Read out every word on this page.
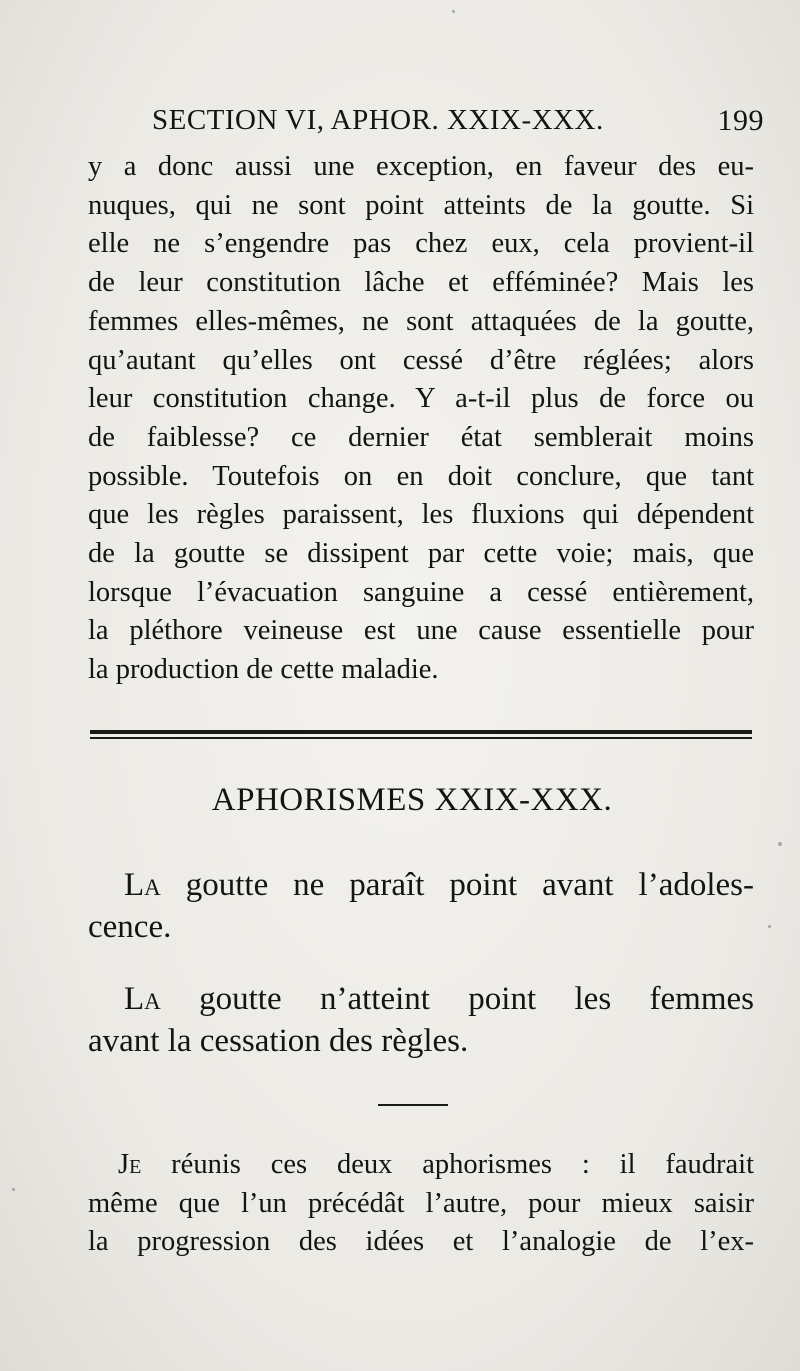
SECTION VI, APHOR. XXIX-XXX.	199
y a donc aussi une exception, en faveur des eu-
nuques, qui ne sont point atteints de la goutte. Si
elle ne s’engendre pas chez eux, cela provient-il
de leur constitution lâche et efféminée? Mais les
femmes elles-mêmes, ne sont attaquées de la goutte,
qu’autant qu’elles ont cessé d’être réglées; alors
leur constitution change. Y a-t-il plus de force ou
de faiblesse? ce dernier état semblerait moins
possible. Toutefois on en doit conclure, que tant
que les règles paraissent, les fluxions qui dépendent
de la goutte se dissipent par cette voie; mais, que
lorsque l’évacuation sanguine a cessé entièrement,
la pléthore veineuse est une cause essentielle pour
la production de cette maladie.
APHORISMES XXIX-XXX.
La goutte ne paraît point avant l’adoles-
cence.
La goutte n’atteint point les femmes
avant la cessation des règles.
Je réunis ces deux aphorismes : il faudrait
même que l’un précédât l’autre, pour mieux saisir
la progression des idées et l’analogie de l’ex-
